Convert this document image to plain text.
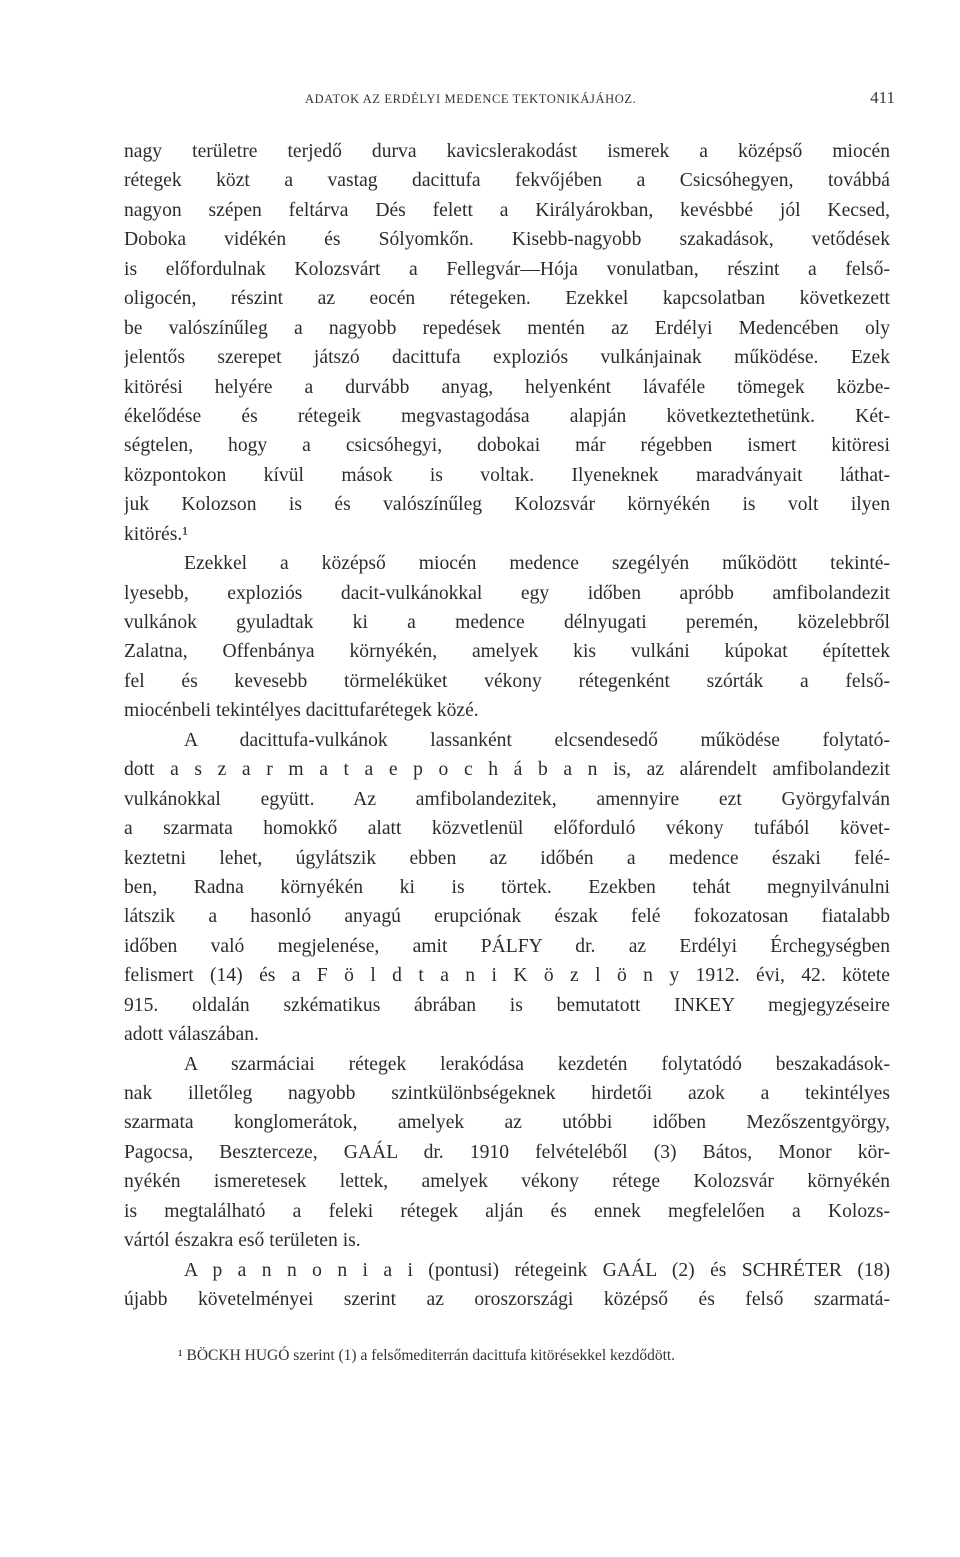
ADATOK AZ ERDÉLYI MEDENCE TEKTONIKÁJÁHOZ.	411
nagy területre terjedő durva kavicslerakodást ismerek a középső miocén
rétegek közt a vastag dacittufa fekvőjében a Csicsóhegyen, továbbá
nagyon szépen feltárva Dés felett a Királyárokban, kevésbbé jól Kecsed,
Doboka vidékén és Sólyomkőn. Kisebb-nagyobb szakadások, vetődések
is előfordulnak Kolozsvárt a Fellegvár—Hója vonulatban, részint a felső-
oligocén, részint az eocén rétegeken. Ezekkel kapcsolatban következett
be valószínűleg a nagyobb repedések mentén az Erdélyi Medencében oly
jelentős szerepet játszó dacittufa exploziós vulkánjainak működése. Ezek
kitörési helyére a durvább anyag, helyenként lávaféle tömegek közbe-
ékelődése és rétegeik megvastagodása alapján következtethetünk. Két-
ségtelen, hogy a csicsóhegyi, dobokai már régebben ismert kitöresi
központokon kívül mások is voltak. Ilyeneknek maradványait láthat-
juk Kolozson is és valószínűleg Kolozsvár környékén is volt ilyen
kitörés.¹
Ezekkel a középső miocén medence szegélyén működött tekinté-
lyesebb, exploziós dacit-vulkánokkal egy időben apróbb amfibolandezit
vulkánok gyuladtak ki a medence délnyugati peremén, közelebbről
Zalatna, Offenbánya környékén, amelyek kis vulkáni kúpokat építettek
fel és kevesebb törmeléküket vékony rétegenként szórták a felső-
miocénbeli tekintélyes dacittufarétegek közé.
A dacittufa-vulkánok lassanként elcsendesedő működése folytató-
dott a s z a r m a t a e p o c h á b a n is, az alárendelt amfibolandezit
vulkánokkal együtt. Az amfibolandezitek, amennyire ezt Györgyfalván
a szarmata homokkő alatt közvetlenül előforduló vékony tufából követ-
keztetni lehet, úgylátszik ebben az időbén a medence északi felé-
ben, Radna környékén ki is törtek. Ezekben tehát megnyilvánulni
látszik a hasonló anyagú erupciónak észak felé fokozatosan fiatalabb
időben való megjelenése, amit PÁLFY dr. az Erdélyi Érchegységben
felismert (14) és a F ö l d t a n i K ö z l ö n y 1912. évi, 42. kötete
915. oldalán szkématikus ábrában is bemutatott INKEY megjegyzéseire
adott válaszában.
A szarmáciai rétegek lerakódása kezdetén folytatódó beszakadások-
nak illetőleg nagyobb szintkülönbségeknek hirdetői azok a tekintélyes
szarmata konglomerátok, amelyek az utóbbi időben Mezőszentgyörgy,
Pagocsa, Beszterceze, GAÁL dr. 1910 felvételéből (3) Bátos, Monor kör-
nyékén ismeretesek lettek, amelyek vékony rétege Kolozsvár környékén
is megtalálható a feleki rétegek alján és ennek megfelelően a Kolozs-
vártól északra eső területen is.
A p a n n o n i a i (pontusi) rétegeink GAÁL (2) és SCHRÉTER (18)
újabb követelményei szerint az oroszországi középső és felső szarmatá-
¹ BÖCKH HUGÓ szerint (1) a felsőmediterrán dacittufa kitörésekkel kezdődött.
